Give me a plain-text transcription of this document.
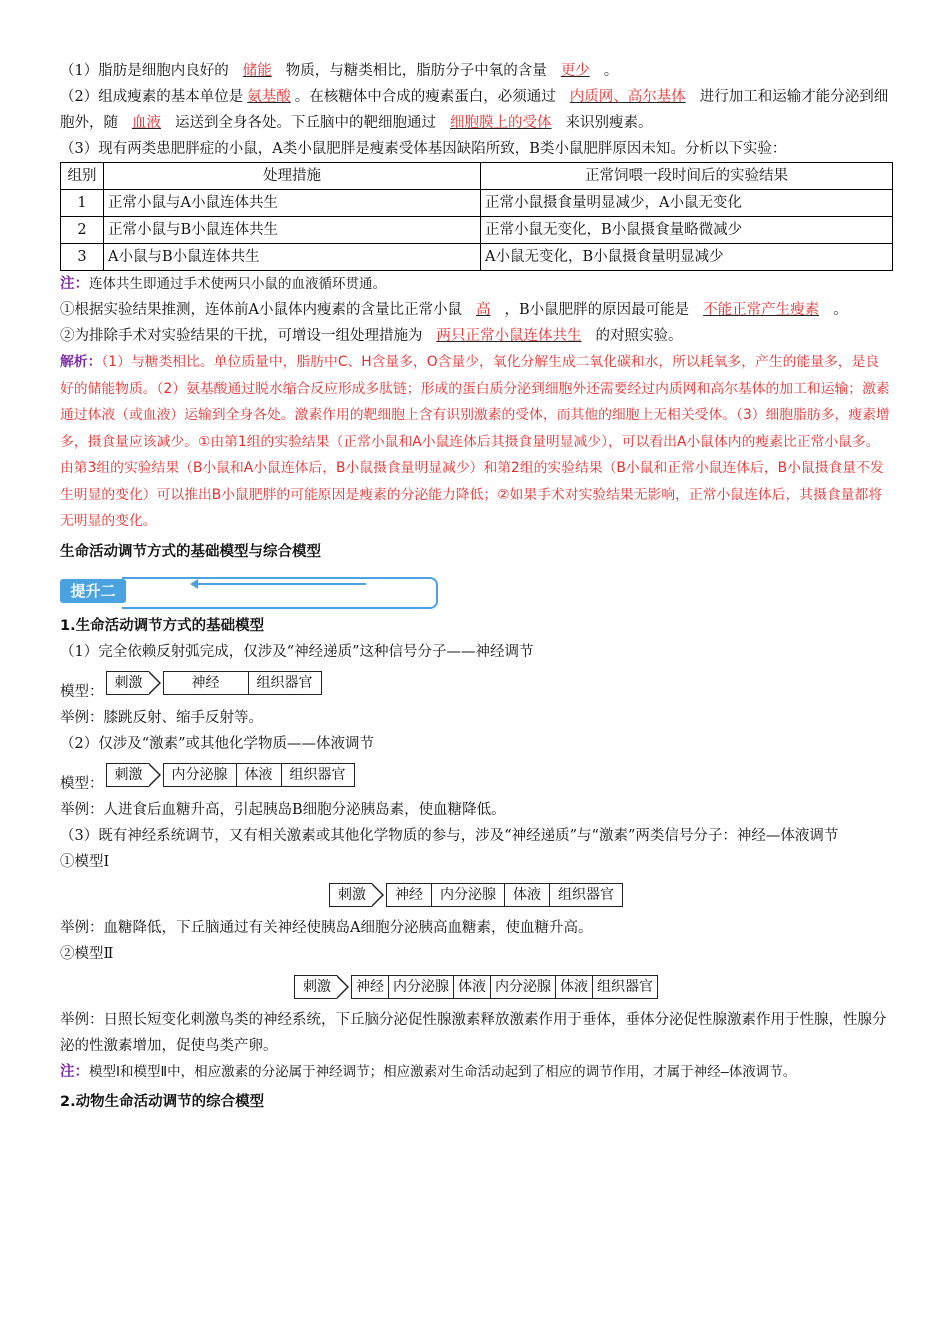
（1）脂肪是细胞内良好的 储能 物质，与糖类相比，脂肪分子中氧的含量 更少 。

（2）组成瘦素的基本单位是 氨基酸 。在核糖体中合成的瘦素蛋白，必须通过 内质网、高尔基体 进行加工和运输才能分泌到细胞外，随 血液 运送到全身各处。下丘脑中的靶细胞通过 细胞膜上的受体 来识别瘦素。

（3）现有两类患肥胖症的小鼠，A类小鼠肥胖是瘦素受体基因缺陷所致，B类小鼠肥胖原因未知。分析以下实验：

组别	处理措施	正常饲喂一段时间后的实验结果
1	正常小鼠与A小鼠连体共生	正常小鼠摄食量明显减少，A小鼠无变化
2	正常小鼠与B小鼠连体共生	正常小鼠无变化，B小鼠摄食量略微减少
3	A小鼠与B小鼠连体共生	A小鼠无变化，B小鼠摄食量明显减少

注：连体共生即通过手术使两只小鼠的血液循环贯通。

①根据实验结果推测，连体前A小鼠体内瘦素的含量比正常小鼠 高 ，B小鼠肥胖的原因最可能是 不能正常产生瘦素 。

②为排除手术对实验结果的干扰，可增设一组处理措施为 两只正常小鼠连体共生 的对照实验。

解析：（1）与糖类相比。单位质量中，脂肪中C、H含量多，O含量少，氧化分解生成二氧化碳和水，所以耗氧多，产生的能量多，是良好的储能物质。（2）氨基酸通过脱水缩合反应形成多肽链；形成的蛋白质分泌到细胞外还需要经过内质网和高尔基体的加工和运输；激素通过体液（或血液）运输到全身各处。激素作用的靶细胞上含有识别激素的受体，而其他的细胞上无相关受体。（3）细胞脂肪多，瘦素增多，摄食量应该减少。①由第1组的实验结果（正常小鼠和A小鼠连体后其摄食量明显减少），可以看出A小鼠体内的瘦素比正常小鼠多。由第3组的实验结果（B小鼠和A小鼠连体后，B小鼠摄食量明显减少）和第2组的实验结果（B小鼠和正常小鼠连体后，B小鼠摄食量不发生明显的变化）可以推出B小鼠肥胖的可能原因是瘦素的分泌能力降低；②如果手术对实验结果无影响，正常小鼠连体后，其摄食量都将无明显的变化。

生命活动调节方式的基础模型与综合模型

提升二

1.生命活动调节方式的基础模型

（1）完全依赖反射弧完成，仅涉及“神经递质”这种信号分子——神经调节

模型：
刺激	神经	组织器官

举例：膝跳反射、缩手反射等。

（2）仅涉及“激素”或其他化学物质——体液调节

模型：
刺激	内分泌腺	体液	组织器官

举例：人进食后血糖升高，引起胰岛B细胞分泌胰岛素，使血糖降低。

（3）既有神经系统调节，又有相关激素或其他化学物质的参与，涉及“神经递质”与“激素”两类信号分子：神经—体液调节

①模型Ⅰ

刺激	神经	内分泌腺	体液	组织器官

举例：血糖降低，下丘脑通过有关神经使胰岛A细胞分泌胰高血糖素，使血糖升高。

②模型Ⅱ

刺激	神经 内分泌腺 体液 内分泌腺 体液 组织器官

举例：日照长短变化刺激鸟类的神经系统，下丘脑分泌促性腺激素释放激素作用于垂体，垂体分泌促性腺激素作用于性腺，性腺分泌的性激素增加，促使鸟类产卵。

注：模型Ⅰ和模型Ⅱ中，相应激素的分泌属于神经调节；相应激素对生命活动起到了相应的调节作用，才属于神经—体液调节。

2.动物生命活动调节的综合模型
